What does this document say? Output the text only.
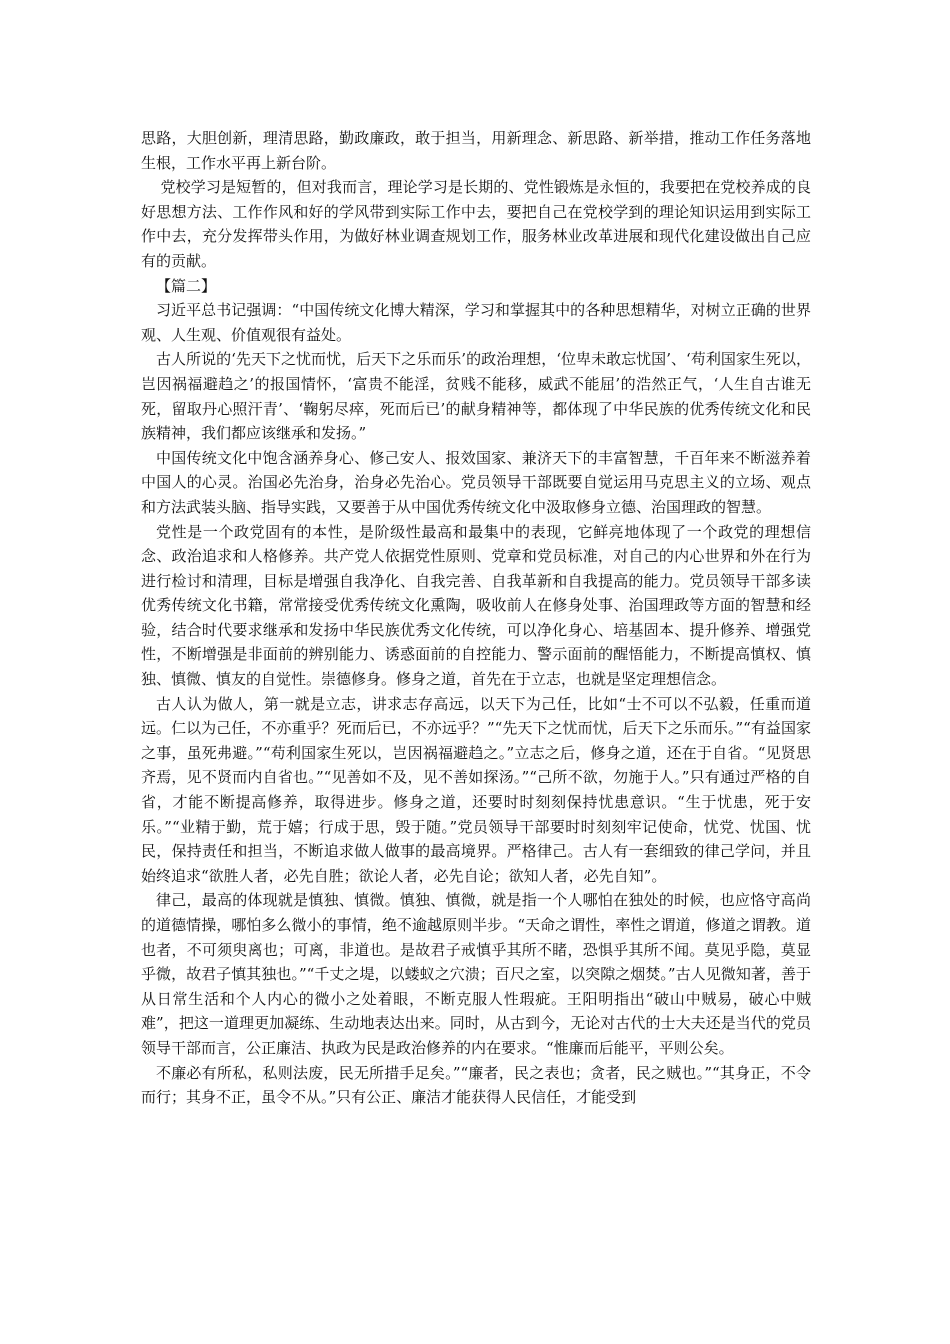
思路，大胆创新，理清思路，勤政廉政，敢于担当，用新理念、新思路、新举措，推动工作任务落地生根，工作水平再上新台阶。

党校学习是短暂的，但对我而言，理论学习是长期的、党性锻炼是永恒的，我要把在党校养成的良好思想方法、工作作风和好的学风带到实际工作中去，要把自己在党校学到的理论知识运用到实际工作中去，充分发挥带头作用，为做好林业调查规划工作，服务林业改革进展和现代化建设做出自己应有的贡献。

【篇二】

习近平总书记强调：“中国传统文化博大精深，学习和掌握其中的各种思想精华，对树立正确的世界观、人生观、价值观很有益处。

古人所说的‘先天下之忧而忧，后天下之乐而乐’的政治理想，‘位卑未敢忘忧国’、‘苟利国家生死以，岂因祸福避趋之’的报国情怀，‘富贵不能淫，贫贱不能移，威武不能屈’的浩然正气，‘人生自古谁无死，留取丹心照汗青’、‘鞠躬尽瘁，死而后已’的献身精神等，都体现了中华民族的优秀传统文化和民族精神，我们都应该继承和发扬。”

中国传统文化中饱含涵养身心、修己安人、报效国家、兼济天下的丰富智慧，千百年来不断滋养着中国人的心灵。治国必先治身，治身必先治心。党员领导干部既要自觉运用马克思主义的立场、观点和方法武装头脑、指导实践，又要善于从中国优秀传统文化中汲取修身立德、治国理政的智慧。

党性是一个政党固有的本性，是阶级性最高和最集中的表现，它鲜亮地体现了一个政党的理想信念、政治追求和人格修养。共产党人依据党性原则、党章和党员标准，对自己的内心世界和外在行为进行检讨和清理，目标是增强自我净化、自我完善、自我革新和自我提高的能力。党员领导干部多读优秀传统文化书籍，常常接受优秀传统文化熏陶，吸收前人在修身处事、治国理政等方面的智慧和经验，结合时代要求继承和发扬中华民族优秀文化传统，可以净化身心、培基固本、提升修养、增强党性，不断增强是非面前的辨别能力、诱惑面前的自控能力、警示面前的醒悟能力，不断提高慎权、慎独、慎微、慎友的自觉性。崇德修身。修身之道，首先在于立志，也就是坚定理想信念。

古人认为做人，第一就是立志，讲求志存高远，以天下为己任，比如“士不可以不弘毅，任重而道远。仁以为己任，不亦重乎？死而后已，不亦远乎？”“先天下之忧而忧，后天下之乐而乐。”“有益国家之事，虽死弗避。”“苟利国家生死以，岂因祸福避趋之。”立志之后，修身之道，还在于自省。“见贤思齐焉，见不贤而内自省也。”“见善如不及，见不善如探汤。”“己所不欲，勿施于人。”只有通过严格的自省，才能不断提高修养，取得进步。修身之道，还要时时刻刻保持忧患意识。“生于忧患，死于安乐。”“业精于勤，荒于嬉；行成于思，毁于随。”党员领导干部要时时刻刻牢记使命，忧党、忧国、忧民，保持责任和担当，不断追求做人做事的最高境界。严格律己。古人有一套细致的律己学问，并且始终追求“欲胜人者，必先自胜；欲论人者，必先自论；欲知人者，必先自知”。

律己，最高的体现就是慎独、慎微。慎独、慎微，就是指一个人哪怕在独处的时候，也应恪守高尚的道德情操，哪怕多么微小的事情，绝不逾越原则半步。“天命之谓性，率性之谓道，修道之谓教。道也者，不可须臾离也；可离，非道也。是故君子戒慎乎其所不睹，恐惧乎其所不闻。莫见乎隐，莫显乎微，故君子慎其独也。”“千丈之堤，以蝼蚁之穴溃；百尺之室，以突隙之烟焚。”古人见微知著，善于从日常生活和个人内心的微小之处着眼，不断克服人性瑕疵。王阳明指出“破山中贼易，破心中贼难”，把这一道理更加凝练、生动地表达出来。同时，从古到今，无论对古代的士大夫还是当代的党员领导干部而言，公正廉洁、执政为民是政治修养的内在要求。“惟廉而后能平，平则公矣。

不廉必有所私，私则法废，民无所措手足矣。”“廉者，民之表也；贪者，民之贼也。”“其身正，不令而行；其身不正，虽令不从。”只有公正、廉洁才能获得人民信任，才能受到
